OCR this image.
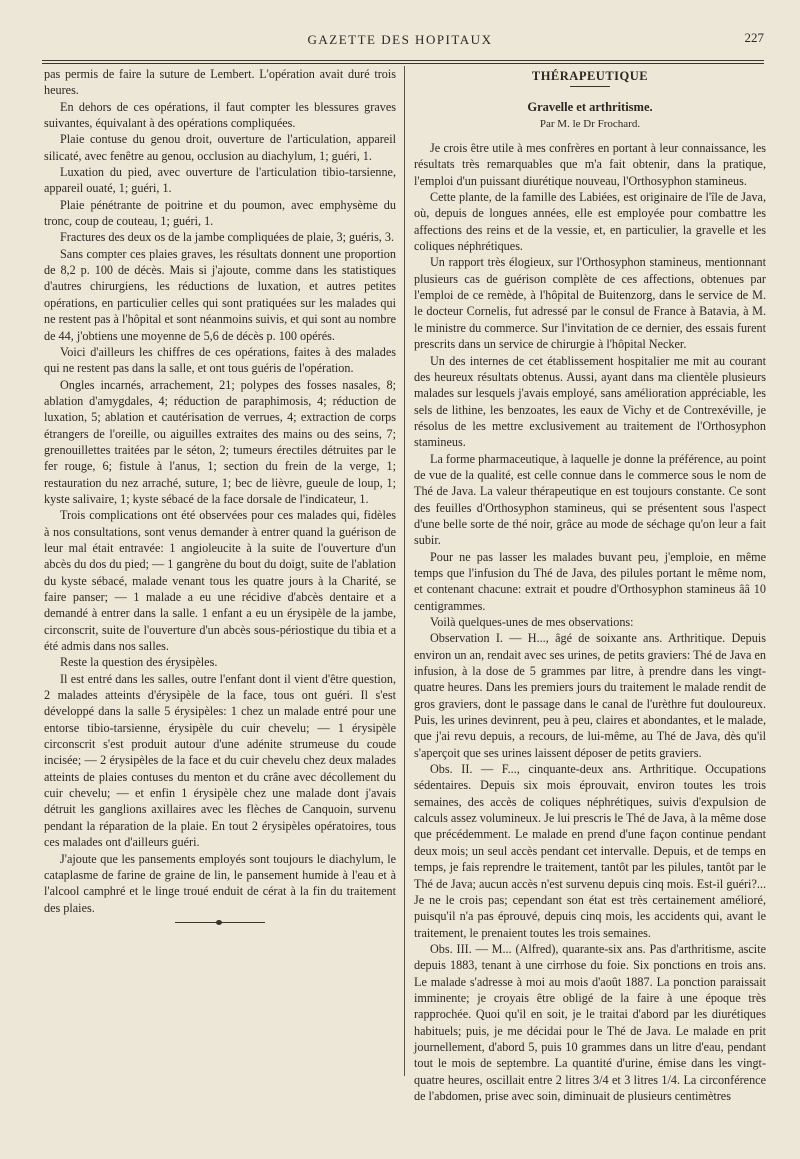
GAZETTE DES HOPITAUX	227

pas permis de faire la suture de Lembert. L'opération avait duré trois heures.

En dehors de ces opérations, il faut compter les blessures graves suivantes, équivalant à des opérations compliquées.

Plaie contuse du genou droit, ouverture de l'articulation, appareil silicaté, avec fenêtre au genou, occlusion au diachylum, 1; guéri, 1.

Luxation du pied, avec ouverture de l'articulation tibio-tarsienne, appareil ouaté, 1; guéri, 1.

Plaie pénétrante de poitrine et du poumon, avec emphysème du tronc, coup de couteau, 1; guéri, 1.

Fractures des deux os de la jambe compliquées de plaie, 3; guéris, 3.

Sans compter ces plaies graves, les résultats donnent une proportion de 8,2 p. 100 de décès. Mais si j'ajoute, comme dans les statistiques d'autres chirurgiens, les réductions de luxation, et autres petites opérations, en particulier celles qui sont pratiquées sur les malades qui ne restent pas à l'hôpital et sont néanmoins suivis, et qui sont au nombre de 44, j'obtiens une moyenne de 5,6 de décès p. 100 opérés.

Voici d'ailleurs les chiffres de ces opérations, faites à des malades qui ne restent pas dans la salle, et ont tous guéris de l'opération.

Ongles incarnés, arrachement, 21; polypes des fosses nasales, 8; ablation d'amygdales, 4; réduction de paraphimosis, 4; réduction de luxation, 5; ablation et cautérisation de verrues, 4; extraction de corps étrangers de l'oreille, ou aiguilles extraites des mains ou des seins, 7; grenouillettes traitées par le séton, 2; tumeurs érectiles détruites par le fer rouge, 6; fistule à l'anus, 1; section du frein de la verge, 1; restauration du nez arraché, suture, 1; bec de lièvre, gueule de loup, 1; kyste salivaire, 1; kyste sébacé de la face dorsale de l'indicateur, 1.

Trois complications ont été observées pour ces malades qui, fidèles à nos consultations, sont venus demander à entrer quand la guérison de leur mal était entravée: 1 angioleucite à la suite de l'ouverture d'un abcès du dos du pied; — 1 gangrène du bout du doigt, suite de l'ablation du kyste sébacé, malade venant tous les quatre jours à la Charité, se faire panser; — 1 malade a eu une récidive d'abcès dentaire et a demandé à entrer dans la salle. 1 enfant a eu un érysipèle de la jambe, circonscrit, suite de l'ouverture d'un abcès sous-périostique du tibia et a été admis dans nos salles.

Reste la question des érysipèles.

Il est entré dans les salles, outre l'enfant dont il vient d'être question, 2 malades atteints d'érysipèle de la face, tous ont guéri. Il s'est développé dans la salle 5 érysipèles: 1 chez un malade entré pour une entorse tibio-tarsienne, érysipèle du cuir chevelu; — 1 érysipèle circonscrit s'est produit autour d'une adénite strumeuse du coude incisée; — 2 érysipèles de la face et du cuir chevelu chez deux malades atteints de plaies contuses du menton et du crâne avec décollement du cuir chevelu; — et enfin 1 érysipèle chez une malade dont j'avais détruit les ganglions axillaires avec les flèches de Canquoin, survenu pendant la réparation de la plaie. En tout 2 érysipèles opératoires, tous ces malades ont d'ailleurs guéri.

J'ajoute que les pansements employés sont toujours le diachylum, le cataplasme de farine de graine de lin, le pansement humide à l'eau et à l'alcool camphré et le linge troué enduit de cérat à la fin du traitement des plaies.

THÉRAPEUTIQUE
Gravelle et arthritisme.
Par M. le Dr Frochard.

Je crois être utile à mes confrères en portant à leur connaissance, les résultats très remarquables que m'a fait obtenir, dans la pratique, l'emploi d'un puissant diurétique nouveau, l'Orthosyphon stamineus.

Cette plante, de la famille des Labiées, est originaire de l'île de Java, où, depuis de longues années, elle est employée pour combattre les affections des reins et de la vessie, et, en particulier, la gravelle et les coliques néphrétiques.

Un rapport très élogieux, sur l'Orthosyphon stamineus, mentionnant plusieurs cas de guérison complète de ces affections, obtenues par l'emploi de ce remède, à l'hôpital de Buitenzorg, dans le service de M. le docteur Cornelis, fut adressé par le consul de France à Batavia, à M. le ministre du commerce. Sur l'invitation de ce dernier, des essais furent prescrits dans un service de chirurgie à l'hôpital Necker.

Un des internes de cet établissement hospitalier me mit au courant des heureux résultats obtenus. Aussi, ayant dans ma clientèle plusieurs malades sur lesquels j'avais employé, sans amélioration appréciable, les sels de lithine, les benzoates, les eaux de Vichy et de Contrexéville, je résolus de les mettre exclusivement au traitement de l'Orthosyphon stamineus.

La forme pharmaceutique, à laquelle je donne la préférence, au point de vue de la qualité, est celle connue dans le commerce sous le nom de Thé de Java. La valeur thérapeutique en est toujours constante. Ce sont des feuilles d'Orthosyphon stamineus, qui se présentent sous l'aspect d'une belle sorte de thé noir, grâce au mode de séchage qu'on leur a fait subir.

Pour ne pas lasser les malades buvant peu, j'emploie, en même temps que l'infusion du Thé de Java, des pilules portant le même nom, et contenant chacune: extrait et poudre d'Orthosyphon stamineus ââ 10 centigrammes.

Voilà quelques-unes de mes observations:

Observation I. — H..., âgé de soixante ans. Arthritique. Depuis environ un an, rendait avec ses urines, de petits graviers: Thé de Java en infusion, à la dose de 5 grammes par litre, à prendre dans les vingt-quatre heures. Dans les premiers jours du traitement le malade rendit de gros graviers, dont le passage dans le canal de l'urèthre fut douloureux. Puis, les urines devinrent, peu à peu, claires et abondantes, et le malade, que j'ai revu depuis, a recours, de lui-même, au Thé de Java, dès qu'il s'aperçoit que ses urines laissent déposer de petits graviers.

Obs. II. — F..., cinquante-deux ans. Arthritique. Occupations sédentaires. Depuis six mois éprouvait, environ toutes les trois semaines, des accès de coliques néphrétiques, suivis d'expulsion de calculs assez volumineux. Je lui prescris le Thé de Java, à la même dose que précédemment. Le malade en prend d'une façon continue pendant deux mois; un seul accès pendant cet intervalle. Depuis, et de temps en temps, je fais reprendre le traitement, tantôt par les pilules, tantôt par le Thé de Java; aucun accès n'est survenu depuis cinq mois. Est-il guéri?... Je ne le crois pas; cependant son état est très certainement amélioré, puisqu'il n'a pas éprouvé, depuis cinq mois, les accidents qui, avant le traitement, le prenaient toutes les trois semaines.

Obs. III. — M... (Alfred), quarante-six ans. Pas d'arthritisme, ascite depuis 1883, tenant à une cirrhose du foie. Six ponctions en trois ans. Le malade s'adresse à moi au mois d'août 1887. La ponction paraissait imminente; je croyais être obligé de la faire à une époque très rapprochée. Quoi qu'il en soit, je le traitai d'abord par les diurétiques habituels; puis, je me décidai pour le Thé de Java. Le malade en prit journellement, d'abord 5, puis 10 grammes dans un litre d'eau, pendant tout le mois de septembre. La quantité d'urine, émise dans les vingt-quatre heures, oscillait entre 2 litres 3/4 et 3 litres 1/4. La circonférence de l'abdomen, prise avec soin, diminuait de plusieurs centimètres
